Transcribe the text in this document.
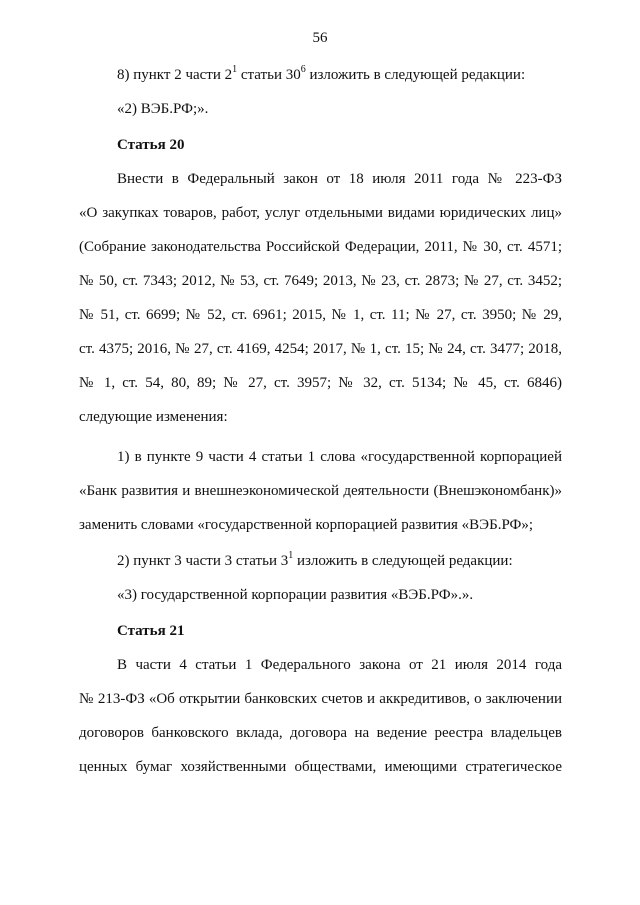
56

8) пункт 2 части $2^1$ статьи $30^6$ изложить в следующей редакции:

«2) ВЭБ.РФ;».

Статья 20

Внести в Федеральный закон от 18 июля 2011 года № 223-ФЗ

«О закупках товаров, работ, услуг отдельными видами юридических лиц»

(Собрание законодательства Российской Федерации, 2011, № 30, ст. 4571;

№ 50, ст. 7343; 2012, № 53, ст. 7649; 2013, № 23, ст. 2873; № 27, ст. 3452;

№ 51, ст. 6699; № 52, ст. 6961; 2015, № 1, ст. 11; № 27, ст. 3950; № 29,

ст. 4375; 2016, № 27, ст. 4169, 4254; 2017, № 1, ст. 15; № 24, ст. 3477; 2018,

№ 1, ст. 54, 80, 89; № 27, ст. 3957; № 32, ст. 5134; № 45, ст. 6846)

следующие изменения:

1) в пункте 9 части 4 статьи 1 слова «государственной корпорацией

«Банк развития и внешнеэкономической деятельности (Внешэкономбанк)»

заменить словами «государственной корпорацией развития «ВЭБ.РФ»;

2) пункт 3 части 3 статьи $3^1$ изложить в следующей редакции:

«3) государственной корпорации развития «ВЭБ.РФ».».

Статья 21

В части 4 статьи 1 Федерального закона от 21 июля 2014 года

№ 213-ФЗ «Об открытии банковских счетов и аккредитивов, о заключении

договоров банковского вклада, договора на ведение реестра владельцев

ценных бумаг хозяйственными обществами, имеющими стратегическое
